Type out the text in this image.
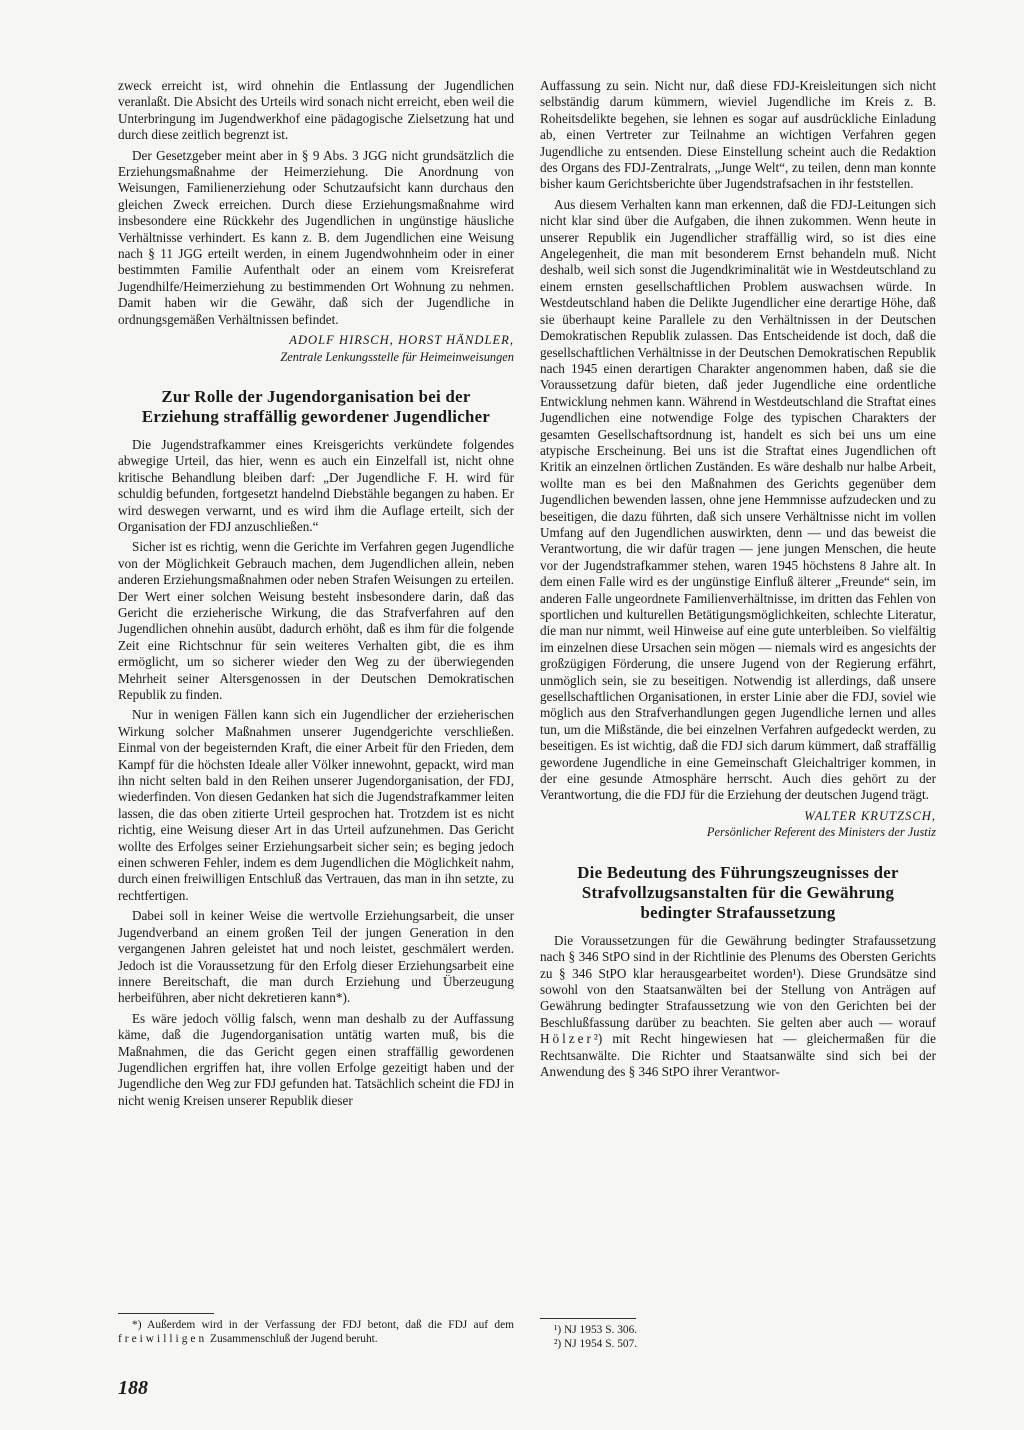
zweck erreicht ist, wird ohnehin die Entlassung der Jugendlichen veranlaßt. Die Absicht des Urteils wird sonach nicht erreicht, eben weil die Unterbringung im Jugendwerkhof eine pädagogische Zielsetzung hat und durch diese zeitlich begrenzt ist.

Der Gesetzgeber meint aber in § 9 Abs. 3 JGG nicht grundsätzlich die Erziehungsmaßnahme der Heimerziehung. Die Anordnung von Weisungen, Familienerziehung oder Schutzaufsicht kann durchaus den gleichen Zweck erreichen. Durch diese Erziehungsmaßnahme wird insbesondere eine Rückkehr des Jugendlichen in ungünstige häusliche Verhältnisse verhindert. Es kann z. B. dem Jugendlichen eine Weisung nach § 11 JGG erteilt werden, in einem Jugendwohnheim oder in einer bestimmten Familie Aufenthalt oder an einem vom Kreisreferat Jugendhilfe/Heimerziehung zu bestimmenden Ort Wohnung zu nehmen. Damit haben wir die Gewähr, daß sich der Jugendliche in ordnungsgemäßen Verhältnissen befindet.

ADOLF HIRSCH, HORST HÄNDLER,
Zentrale Lenkungsstelle für Heimeinweisungen
Zur Rolle der Jugendorganisation bei der
Erziehung straffällig gewordener Jugendlicher

Die Jugendstrafkammer eines Kreisgerichts verkündete folgendes abwegige Urteil, das hier, wenn es auch ein Einzelfall ist, nicht ohne kritische Behandlung bleiben darf: „Der Jugendliche F. H. wird für schuldig befunden, fortgesetzt handelnd Diebstähle begangen zu haben. Er wird deswegen verwarnt, und es wird ihm die Auflage erteilt, sich der Organisation der FDJ anzuschließen.“

Sicher ist es richtig, wenn die Gerichte im Verfahren gegen Jugendliche von der Möglichkeit Gebrauch machen, dem Jugendlichen allein, neben anderen Erziehungsmaßnahmen oder neben Strafen Weisungen zu erteilen. Der Wert einer solchen Weisung besteht insbesondere darin, daß das Gericht die erzieherische Wirkung, die das Strafverfahren auf den Jugendlichen ohnehin ausübt, dadurch erhöht, daß es ihm für die folgende Zeit eine Richtschnur für sein weiteres Verhalten gibt, die es ihm ermöglicht, um so sicherer wieder den Weg zu der überwiegenden Mehrheit seiner Altersgenossen in der Deutschen Demokratischen Republik zu finden.

Nur in wenigen Fällen kann sich ein Jugendlicher der erzieherischen Wirkung solcher Maßnahmen unserer Jugendgerichte verschließen. Einmal von der begeisternden Kraft, die einer Arbeit für den Frieden, dem Kampf für die höchsten Ideale aller Völker innewohnt, gepackt, wird man ihn nicht selten bald in den Reihen unserer Jugendorganisation, der FDJ, wiederfinden. Von diesen Gedanken hat sich die Jugendstrafkammer leiten lassen, die das oben zitierte Urteil gesprochen hat. Trotzdem ist es nicht richtig, eine Weisung dieser Art in das Urteil aufzunehmen. Das Gericht wollte des Erfolges seiner Erziehungsarbeit sicher sein; es beging jedoch einen schweren Fehler, indem es dem Jugendlichen die Möglichkeit nahm, durch einen freiwilligen Entschluß das Vertrauen, das man in ihn setzte, zu rechtfertigen.

Dabei soll in keiner Weise die wertvolle Erziehungsarbeit, die unser Jugendverband an einem großen Teil der jungen Generation in den vergangenen Jahren geleistet hat und noch leistet, geschmälert werden. Jedoch ist die Voraussetzung für den Erfolg dieser Erziehungsarbeit eine innere Bereitschaft, die man durch Erziehung und Überzeugung herbeiführen, aber nicht dekretieren kann*).

Es wäre jedoch völlig falsch, wenn man deshalb zu der Auffassung käme, daß die Jugendorganisation untätig warten muß, bis die Maßnahmen, die das Gericht gegen einen straffällig gewordenen Jugendlichen ergriffen hat, ihre vollen Erfolge gezeitigt haben und der Jugendliche den Weg zur FDJ gefunden hat. Tatsächlich scheint die FDJ in nicht wenig Kreisen unserer Republik dieser

Auffassung zu sein. Nicht nur, daß diese FDJ-Kreisleitungen sich nicht selbständig darum kümmern, wieviel Jugendliche im Kreis z. B. Roheitsdelikte begehen, sie lehnen es sogar auf ausdrückliche Einladung ab, einen Vertreter zur Teilnahme an wichtigen Verfahren gegen Jugendliche zu entsenden. Diese Einstellung scheint auch die Redaktion des Organs des FDJ-Zentralrats, „Junge Welt“, zu teilen, denn man konnte bisher kaum Gerichtsberichte über Jugendstrafsachen in ihr feststellen.

Aus diesem Verhalten kann man erkennen, daß die FDJ-Leitungen sich nicht klar sind über die Aufgaben, die ihnen zukommen. Wenn heute in unserer Republik ein Jugendlicher straffällig wird, so ist dies eine Angelegenheit, die man mit besonderem Ernst behandeln muß. Nicht deshalb, weil sich sonst die Jugendkriminalität wie in Westdeutschland zu einem ernsten gesellschaftlichen Problem auswachsen würde. In Westdeutschland haben die Delikte Jugendlicher eine derartige Höhe, daß sie überhaupt keine Parallele zu den Verhältnissen in der Deutschen Demokratischen Republik zulassen. Das Entscheidende ist doch, daß die gesellschaftlichen Verhältnisse in der Deutschen Demokratischen Republik nach 1945 einen derartigen Charakter angenommen haben, daß sie die Voraussetzung dafür bieten, daß jeder Jugendliche eine ordentliche Entwicklung nehmen kann. Während in Westdeutschland die Straftat eines Jugendlichen eine notwendige Folge des typischen Charakters der gesamten Gesellschaftsordnung ist, handelt es sich bei uns um eine atypische Erscheinung. Bei uns ist die Straftat eines Jugendlichen oft Kritik an einzelnen örtlichen Zuständen. Es wäre deshalb nur halbe Arbeit, wollte man es bei den Maßnahmen des Gerichts gegenüber dem Jugendlichen bewenden lassen, ohne jene Hemmnisse aufzudecken und zu beseitigen, die dazu führten, daß sich unsere Verhältnisse nicht im vollen Umfang auf den Jugendlichen auswirkten, denn — und das beweist die Verantwortung, die wir dafür tragen — jene jungen Menschen, die heute vor der Jugendstrafkammer stehen, waren 1945 höchstens 8 Jahre alt. In dem einen Falle wird es der ungünstige Einfluß älterer „Freunde“ sein, im anderen Falle ungeordnete Familienverhältnisse, im dritten das Fehlen von sportlichen und kulturellen Betätigungsmöglichkeiten, schlechte Literatur, die man nur nimmt, weil Hinweise auf eine gute unterbleiben. So vielfältig im einzelnen diese Ursachen sein mögen — niemals wird es angesichts der großzügigen Förderung, die unsere Jugend von der Regierung erfährt, unmöglich sein, sie zu beseitigen. Notwendig ist allerdings, daß unsere gesellschaftlichen Organisationen, in erster Linie aber die FDJ, soviel wie möglich aus den Strafverhandlungen gegen Jugendliche lernen und alles tun, um die Mißstände, die bei einzelnen Verfahren aufgedeckt werden, zu beseitigen. Es ist wichtig, daß die FDJ sich darum kümmert, daß straffällig gewordene Jugendliche in eine Gemeinschaft Gleichaltriger kommen, in der eine gesunde Atmosphäre herrscht. Auch dies gehört zu der Verantwortung, die die FDJ für die Erziehung der deutschen Jugend trägt.

WALTER KRUTZSCH,
Persönlicher Referent des Ministers der Justiz
Die Bedeutung des Führungszeugnisses der
Strafvollzugsanstalten für die Gewährung
bedingter Strafaussetzung

Die Voraussetzungen für die Gewährung bedingter Strafaussetzung nach § 346 StPO sind in der Richtlinie des Plenums des Obersten Gerichts zu § 346 StPO klar herausgearbeitet worden¹). Diese Grundsätze sind sowohl von den Staatsanwälten bei der Stellung von Anträgen auf Gewährung bedingter Strafaussetzung wie von den Gerichten bei der Beschlußfassung darüber zu beachten. Sie gelten aber auch — worauf Hölzer²) mit Recht hingewiesen hat — gleichermaßen für die Rechtsanwälte. Die Richter und Staatsanwälte sind sich bei der Anwendung des § 346 StPO ihrer Verantwor-

*) Außerdem wird in der Verfassung der FDJ betont, daß die FDJ auf dem freiwilligen Zusammenschluß der Jugend beruht.

¹) NJ 1953 S. 306.

²) NJ 1954 S. 507.

188
